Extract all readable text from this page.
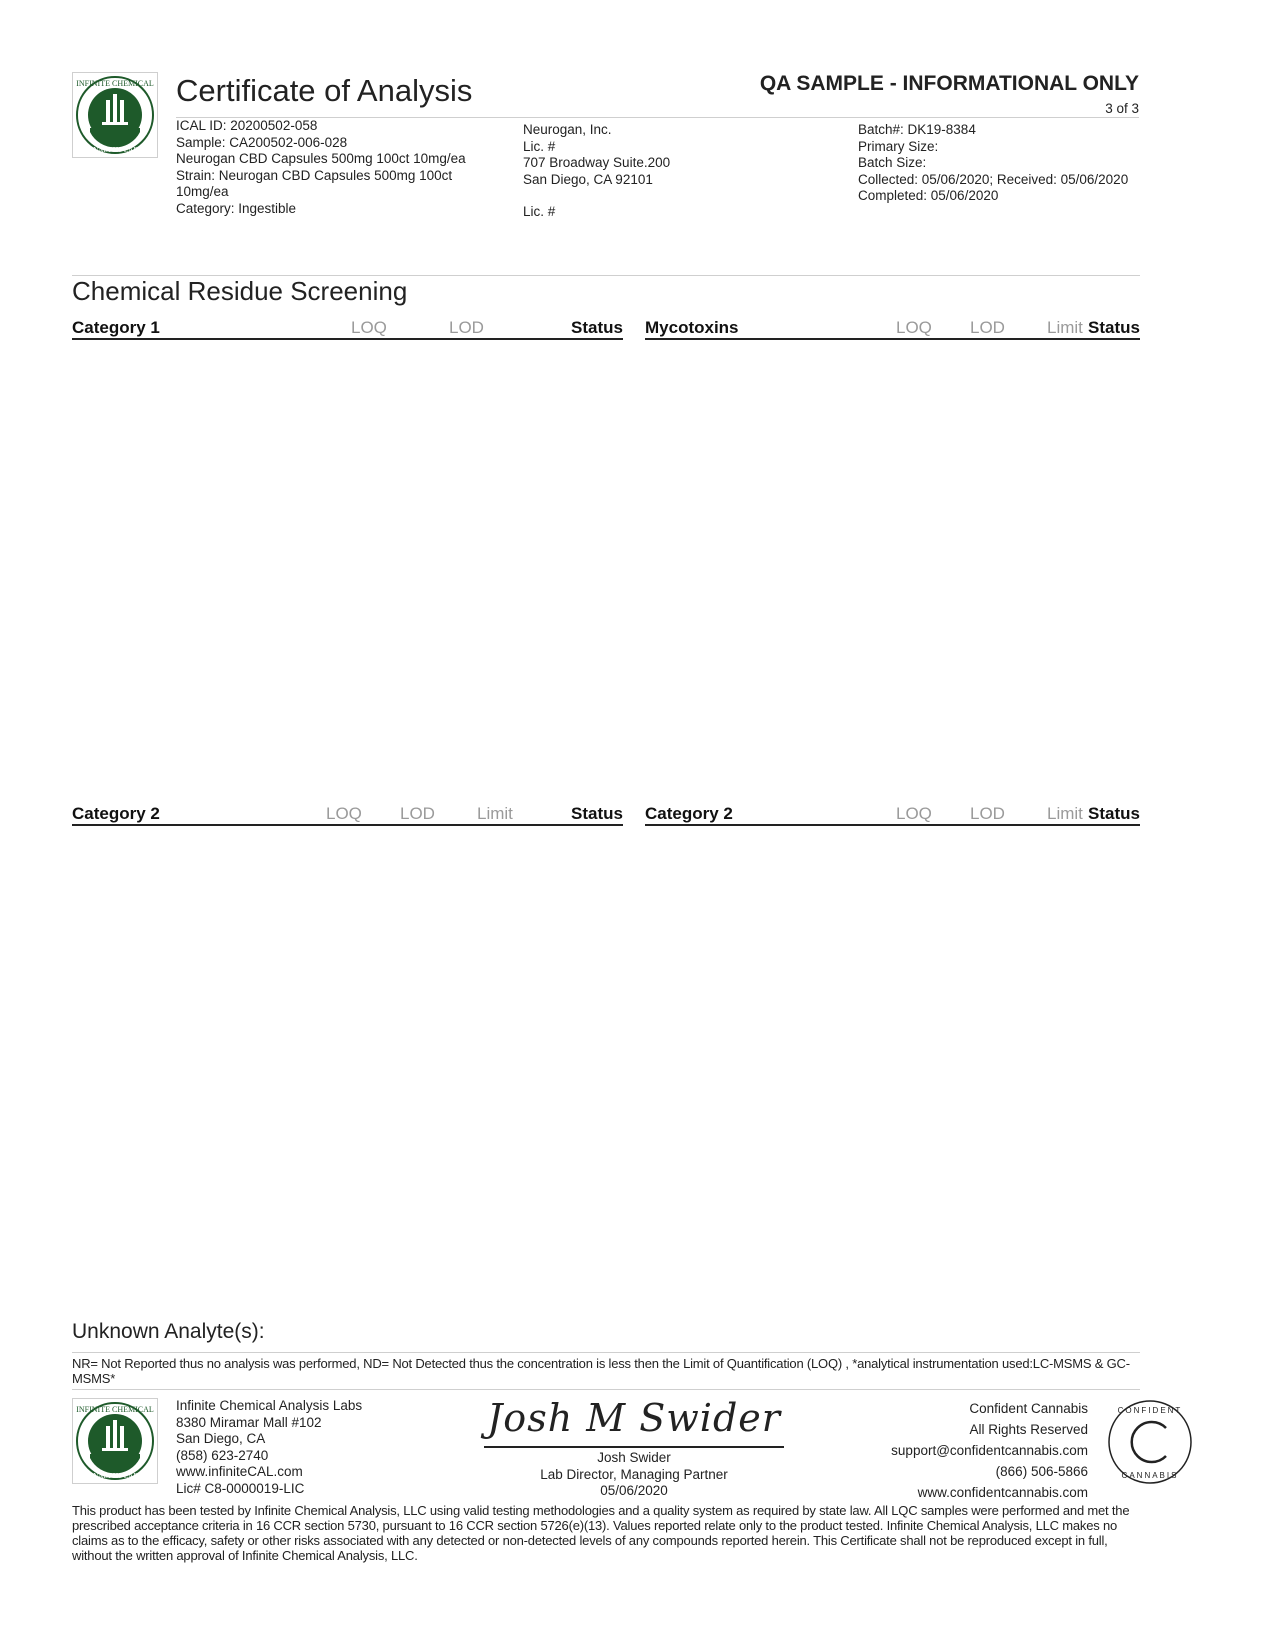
INFINITE CHEMICAL
ANALYSIS LABS
Certificate of Analysis	QA SAMPLE - INFORMATIONAL ONLY
3 of 3
ICAL ID: 20200502-058
Sample: CA200502-006-028
Neurogan CBD Capsules 500mg 100ct 10mg/ea
Strain: Neurogan CBD Capsules 500mg 100ct
10mg/ea
Category: Ingestible
Neurogan, Inc.
Lic. #
707 Broadway Suite.200
San Diego, CA 92101
Lic. #
Batch#: DK19-8384
Primary Size:
Batch Size:
Collected: 05/06/2020; Received: 05/06/2020
Completed: 05/06/2020
Chemical Residue Screening
Category 1	LOQ	LOD	Status Mycotoxins	LOQ LOD Limit Status
Category 2	LOQ LOD Limit	Status Category 2	LOQ LOD Limit Status
Unknown Analyte(s):
NR= Not Reported thus no analysis was performed, ND= Not Detected thus the concentration is less then the Limit of Quantification (LOQ) , *analytical instrumentation used:LC-MSMS & GC-MSMS*
INFINITE CHEMICAL
ANALYSIS LABS
Infinite Chemical Analysis Labs
8380 Miramar Mall #102
San Diego, CA
(858) 623-2740
www.infiniteCAL.com
Lic# C8-0000019-LIC
Josh M Swider
Josh Swider
Lab Director, Managing Partner
05/06/2020
Confident Cannabis
All Rights Reserved
support@confidentcannabis.com
(866) 506-5866
www.confidentcannabis.com
CONFIDENT
CANNABIS
This product has been tested by Infinite Chemical Analysis, LLC using valid testing methodologies and a quality system as required by state law. All LQC samples were performed and met the prescribed acceptance criteria in 16 CCR section 5730, pursuant to 16 CCR section 5726(e)(13). Values reported relate only to the product tested. Infinite Chemical Analysis, LLC makes no claims as to the efficacy, safety or other risks associated with any detected or non-detected levels of any compounds reported herein. This Certificate shall not be reproduced except in full, without the written approval of Infinite Chemical Analysis, LLC.
